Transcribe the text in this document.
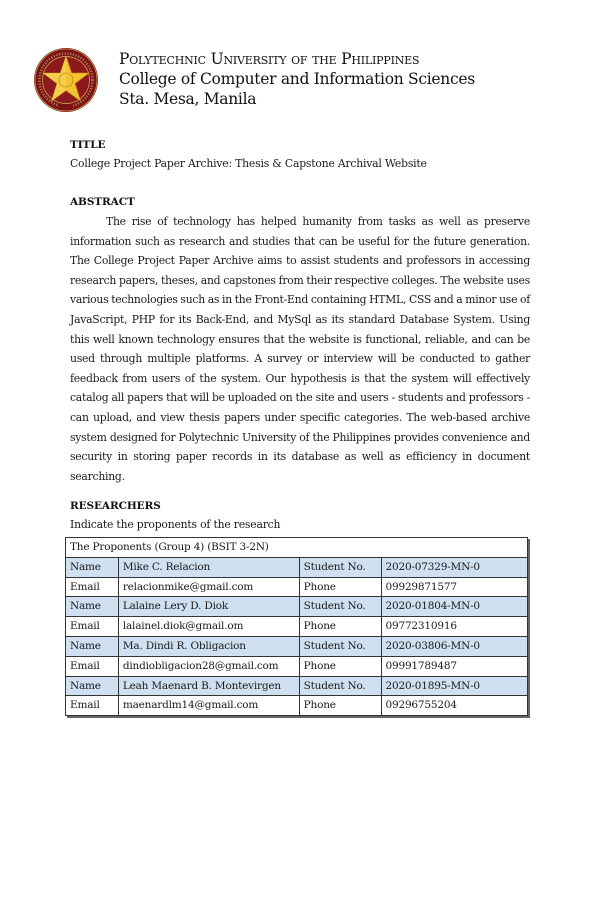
Polytechnic University of the Philippines
College of Computer and Information Sciences
Sta. Mesa, Manila
TITLE
College Project Paper Archive: Thesis & Capstone Archival Website
ABSTRACT
The rise of technology has helped humanity from tasks as well as preserve information such as research and studies that can be useful for the future generation. The College Project Paper Archive aims to assist students and professors in accessing research papers, theses, and capstones from their respective colleges. The website uses various technologies such as in the Front-End containing HTML, CSS and a minor use of JavaScript, PHP for its Back-End, and MySql as its standard Database System. Using this well known technology ensures that the website is functional, reliable, and can be used through multiple platforms. A survey or interview will be conducted to gather feedback from users of the system. Our hypothesis is that the system will effectively catalog all papers that will be uploaded on the site and users - students and professors - can upload, and view thesis papers under specific categories. The web-based archive system designed for Polytechnic University of the Philippines provides convenience and security in storing paper records in its database as well as efficiency in document searching.
RESEARCHERS
Indicate the proponents of the research
The Proponents (Group 4) (BSIT 3-2N)			
Name	Mike C. Relacion	Student No.	2020-07329-MN-0
Email	relacionmike@gmail.com	Phone	09929871577
Name	Lalaine Lery D. Diok	Student No.	2020-01804-MN-0
Email	lalainel.diok@gmail.om	Phone	09772310916
Name	Ma. Dindi R. Obligacion	Student No.	2020-03806-MN-0
Email	dindiobligacion28@gmail.com	Phone	09991789487
Name	Leah Maenard B. Montevirgen	Student No.	2020-01895-MN-0
Email	maenardlm14@gmail.com	Phone	09296755204
